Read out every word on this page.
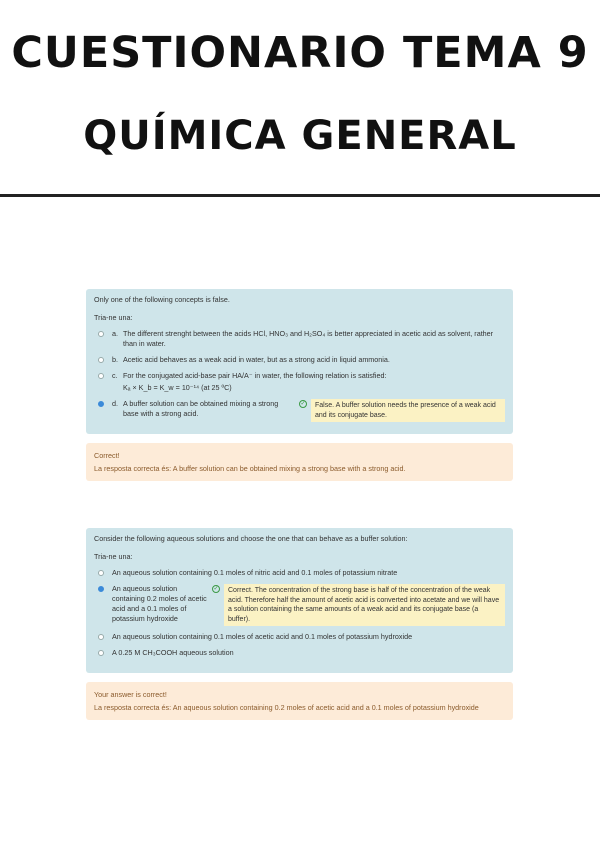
CUESTIONARIO TEMA 9
QUÍMICA GENERAL

Only one of the following concepts is false.

Tria-ne una:

a. The different strenght between the acids HCl, HNO₃ and H₂SO₄ is better appreciated in acetic acid as solvent, rather than in water.
b. Acetic acid behaves as a weak acid in water, but as a strong acid in liquid ammonia.
c. For the conjugated acid-base pair HA/A⁻ in water, the following relation is satisfied:
Kₐ × K_b = K_w = 10⁻¹⁴ (at 25 ºC)
d. A buffer solution can be obtained mixing a strong base with a strong acid.
✓	False. A buffer solution needs the presence of a weak acid and its conjugate base.

Correct!

La resposta correcta és: A buffer solution can be obtained mixing a strong base with a strong acid.

Consider the following aqueous solutions and choose the one that can behave as a buffer solution:

Tria-ne una:

An aqueous solution containing 0.1 moles of nitric acid and 0.1 moles of potassium nitrate
An aqueous solution containing 0.2 moles of acetic acid and a 0.1 moles of potassium hydroxide
✓	Correct. The concentration of the strong base is half of the concentration of the weak acid. Therefore half the amount of acetic acid is converted into acetate and we will have a solution containing the same amounts of a weak acid and its conjugate base (a buffer).
An aqueous solution containing 0.1 moles of acetic acid and 0.1 moles of potassium hydroxide
A 0.25 M CH₃COOH aqueous solution

Your answer is correct!

La resposta correcta és: An aqueous solution containing 0.2 moles of acetic acid and a 0.1 moles of potassium hydroxide
